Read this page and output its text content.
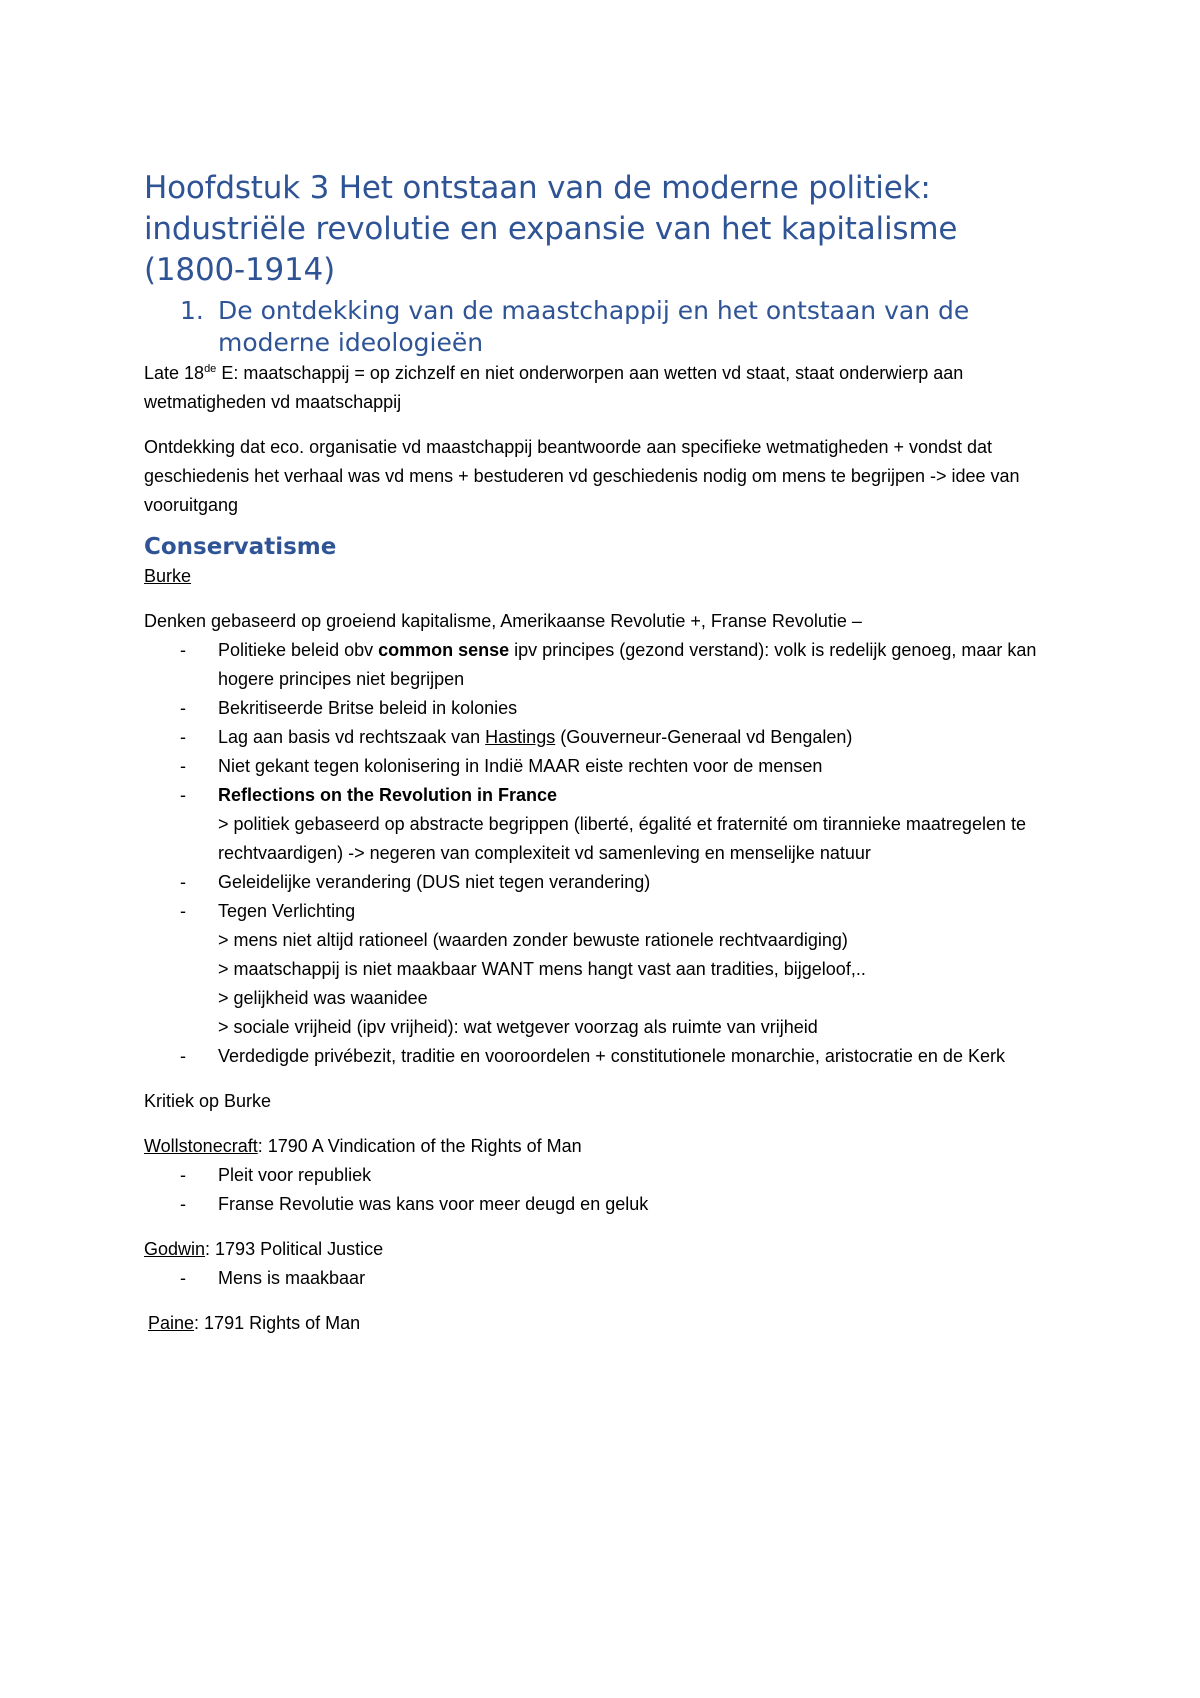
Hoofdstuk 3 Het ontstaan van de moderne politiek: industriële revolutie en expansie van het kapitalisme (1800-1914)
1. De ontdekking van de maastchappij en het ontstaan van de moderne ideologieën

Late 18de E: maatschappij = op zichzelf en niet onderworpen aan wetten vd staat, staat onderwierp aan wetmatigheden vd maatschappij

Ontdekking dat eco. organisatie vd maastchappij beantwoorde aan specifieke wetmatigheden + vondst dat geschiedenis het verhaal was vd mens + bestuderen vd geschiedenis nodig om mens te begrijpen -> idee van vooruitgang

Conservatisme

Burke

Denken gebaseerd op groeiend kapitalisme, Amerikaanse Revolutie +, Franse Revolutie –

- Politieke beleid obv common sense ipv principes (gezond verstand): volk is redelijk genoeg, maar kan hogere principes niet begrijpen
- Bekritiseerde Britse beleid in kolonies
- Lag aan basis vd rechtszaak van Hastings (Gouverneur-Generaal vd Bengalen)
- Niet gekant tegen kolonisering in Indië MAAR eiste rechten voor de mensen
- Reflections on the Revolution in France
> politiek gebaseerd op abstracte begrippen (liberté, égalité et fraternité om tirannieke maatregelen te rechtvaardigen) -> negeren van complexiteit vd samenleving en menselijke natuur
- Geleidelijke verandering (DUS niet tegen verandering)
- Tegen Verlichting
> mens niet altijd rationeel (waarden zonder bewuste rationele rechtvaardiging)
> maatschappij is niet maakbaar WANT mens hangt vast aan tradities, bijgeloof,..
> gelijkheid was waanidee
> sociale vrijheid (ipv vrijheid): wat wetgever voorzag als ruimte van vrijheid
- Verdedigde privébezit, traditie en vooroordelen + constitutionele monarchie, aristocratie en de Kerk

Kritiek op Burke

Wollstonecraft: 1790 A Vindication of the Rights of Man

- Pleit voor republiek
- Franse Revolutie was kans voor meer deugd en geluk

Godwin: 1793 Political Justice

- Mens is maakbaar

Paine: 1791 Rights of Man
